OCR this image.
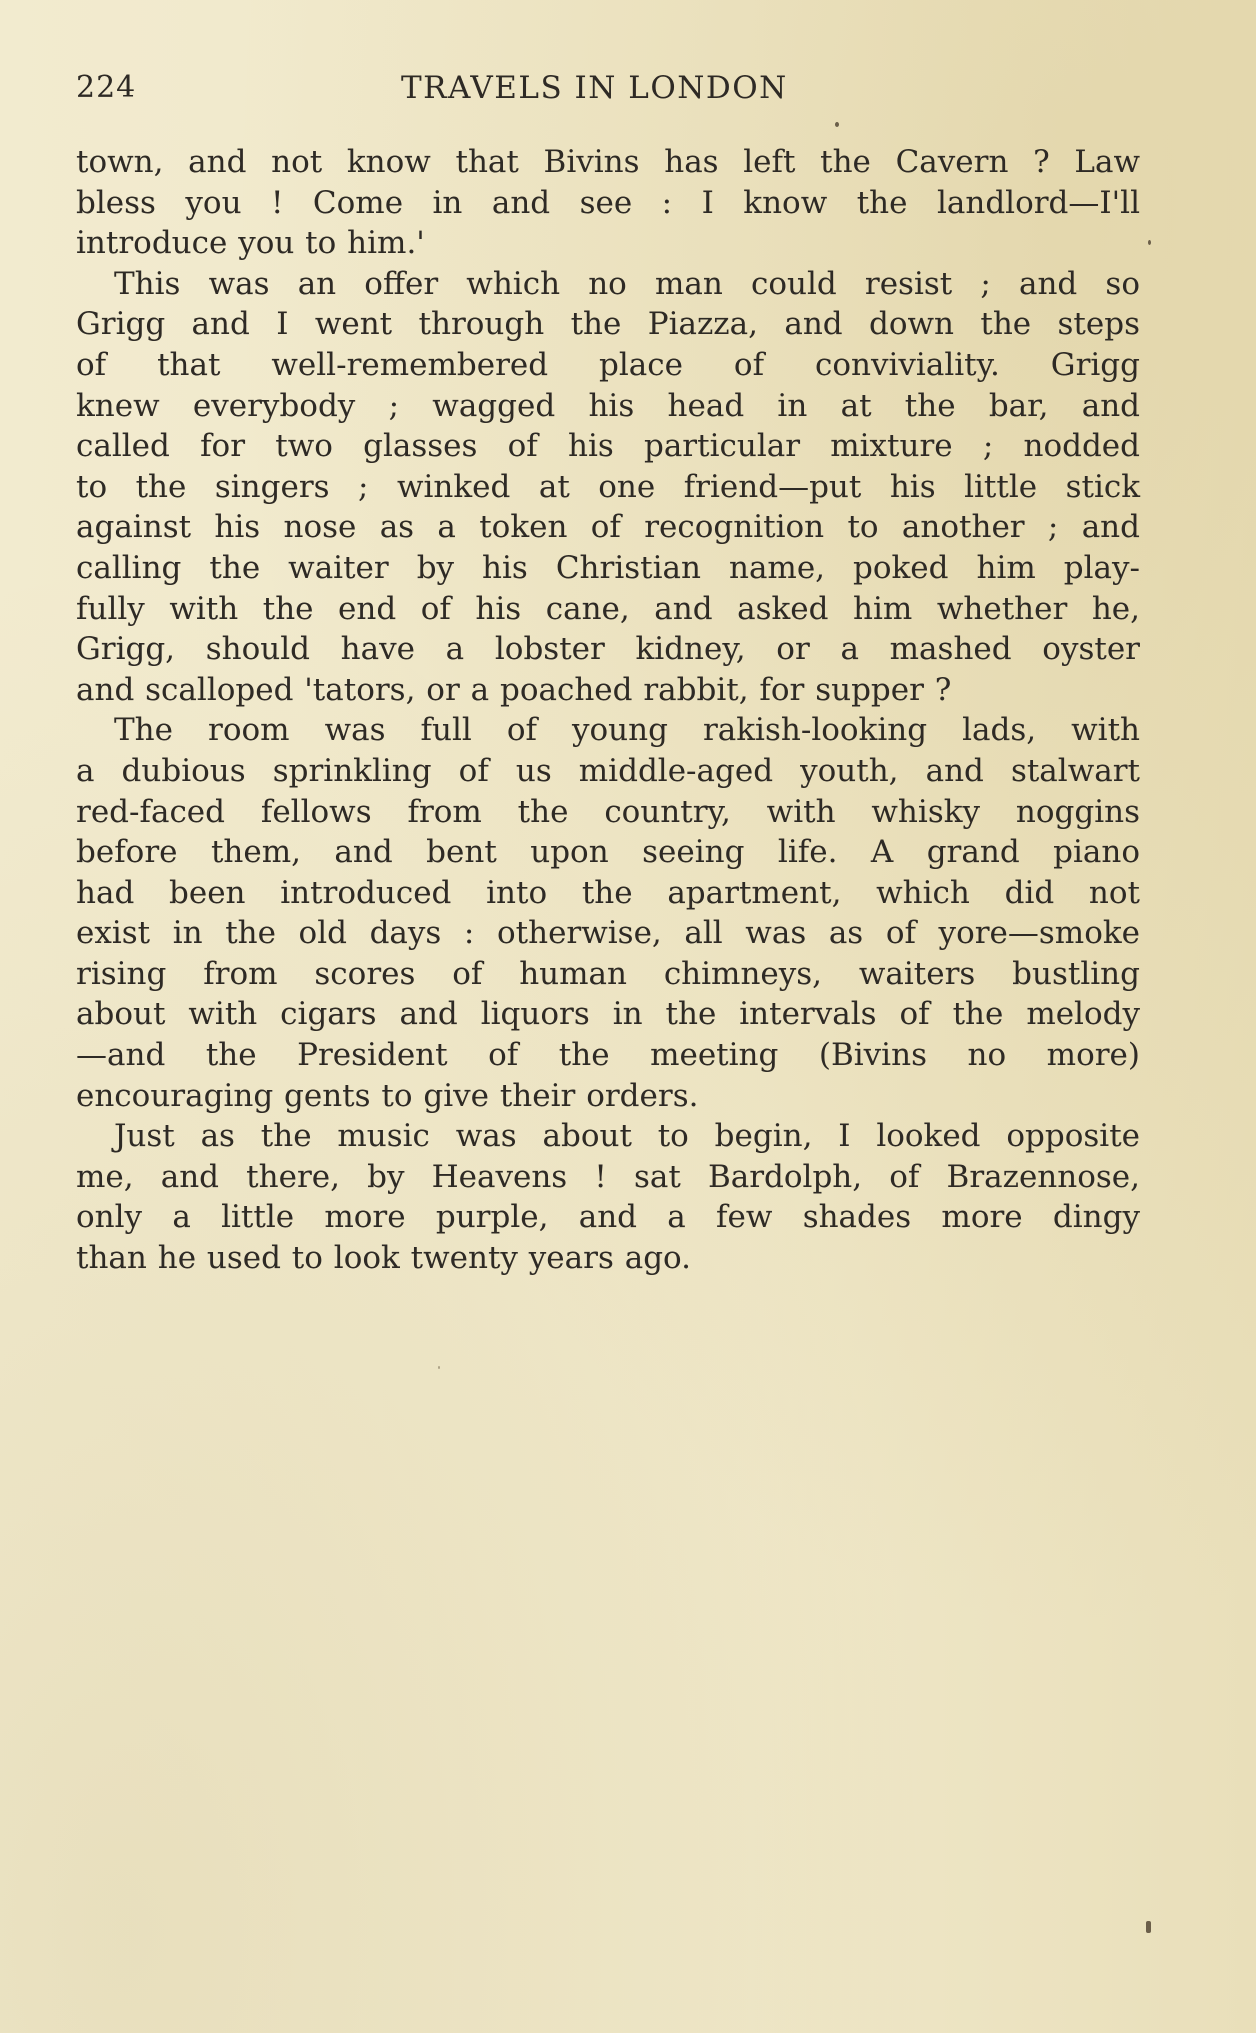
224	TRAVELS IN LONDON
town, and not know that Bivins has left the Cavern ? Law
bless you ! Come in and see : I know the landlord—I'll
introduce you to him.'
This was an offer which no man could resist ; and so
Grigg and I went through the Piazza, and down the steps
of that well-remembered place of conviviality. Grigg
knew everybody ; wagged his head in at the bar, and
called for two glasses of his particular mixture ; nodded
to the singers ; winked at one friend—put his little stick
against his nose as a token of recognition to another ; and
calling the waiter by his Christian name, poked him play-
fully with the end of his cane, and asked him whether he,
Grigg, should have a lobster kidney, or a mashed oyster
and scalloped 'tators, or a poached rabbit, for supper ?
The room was full of young rakish-looking lads, with
a dubious sprinkling of us middle-aged youth, and stalwart
red-faced fellows from the country, with whisky noggins
before them, and bent upon seeing life. A grand piano
had been introduced into the apartment, which did not
exist in the old days : otherwise, all was as of yore—smoke
rising from scores of human chimneys, waiters bustling
about with cigars and liquors in the intervals of the melody
—and the President of the meeting (Bivins no more)
encouraging gents to give their orders.
Just as the music was about to begin, I looked opposite
me, and there, by Heavens ! sat Bardolph, of Brazennose,
only a little more purple, and a few shades more dingy
than he used to look twenty years ago.
